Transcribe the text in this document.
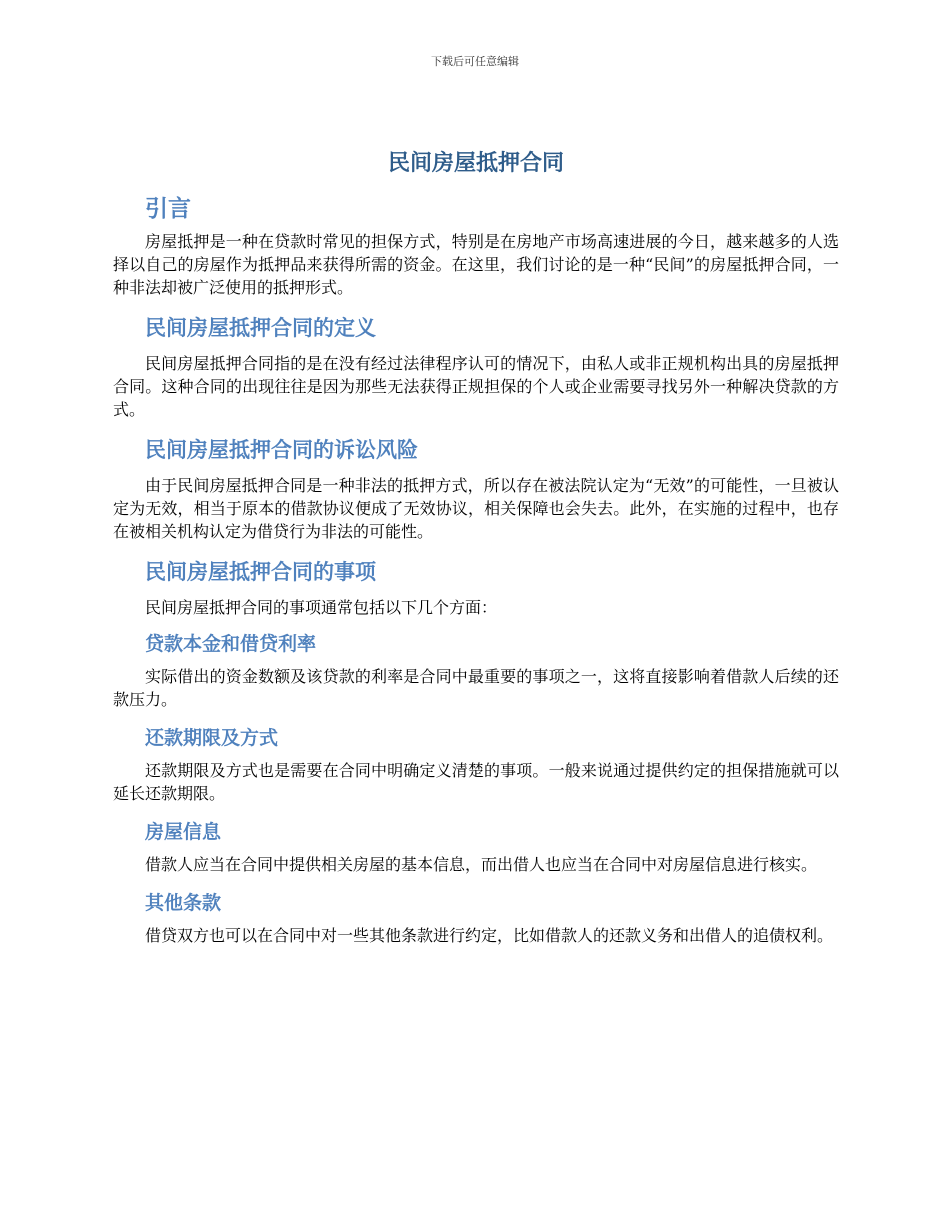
下载后可任意编辑
民间房屋抵押合同
引言

房屋抵押是一种在贷款时常见的担保方式，特别是在房地产市场高速进展的今日，越来越多的人选择以自己的房屋作为抵押品来获得所需的资金。在这里，我们讨论的是一种“民间”的房屋抵押合同，一种非法却被广泛使用的抵押形式。

民间房屋抵押合同的定义

民间房屋抵押合同指的是在没有经过法律程序认可的情况下，由私人或非正规机构出具的房屋抵押合同。这种合同的出现往往是因为那些无法获得正规担保的个人或企业需要寻找另外一种解决贷款的方式。

民间房屋抵押合同的诉讼风险

由于民间房屋抵押合同是一种非法的抵押方式，所以存在被法院认定为“无效”的可能性，一旦被认定为无效，相当于原本的借款协议便成了无效协议，相关保障也会失去。此外，在实施的过程中，也存在被相关机构认定为借贷行为非法的可能性。

民间房屋抵押合同的事项

民间房屋抵押合同的事项通常包括以下几个方面：

贷款本金和借贷利率

实际借出的资金数额及该贷款的利率是合同中最重要的事项之一，这将直接影响着借款人后续的还款压力。

还款期限及方式

还款期限及方式也是需要在合同中明确定义清楚的事项。一般来说通过提供约定的担保措施就可以延长还款期限。

房屋信息

借款人应当在合同中提供相关房屋的基本信息，而出借人也应当在合同中对房屋信息进行核实。

其他条款

借贷双方也可以在合同中对一些其他条款进行约定，比如借款人的还款义务和出借人的追债权利。
